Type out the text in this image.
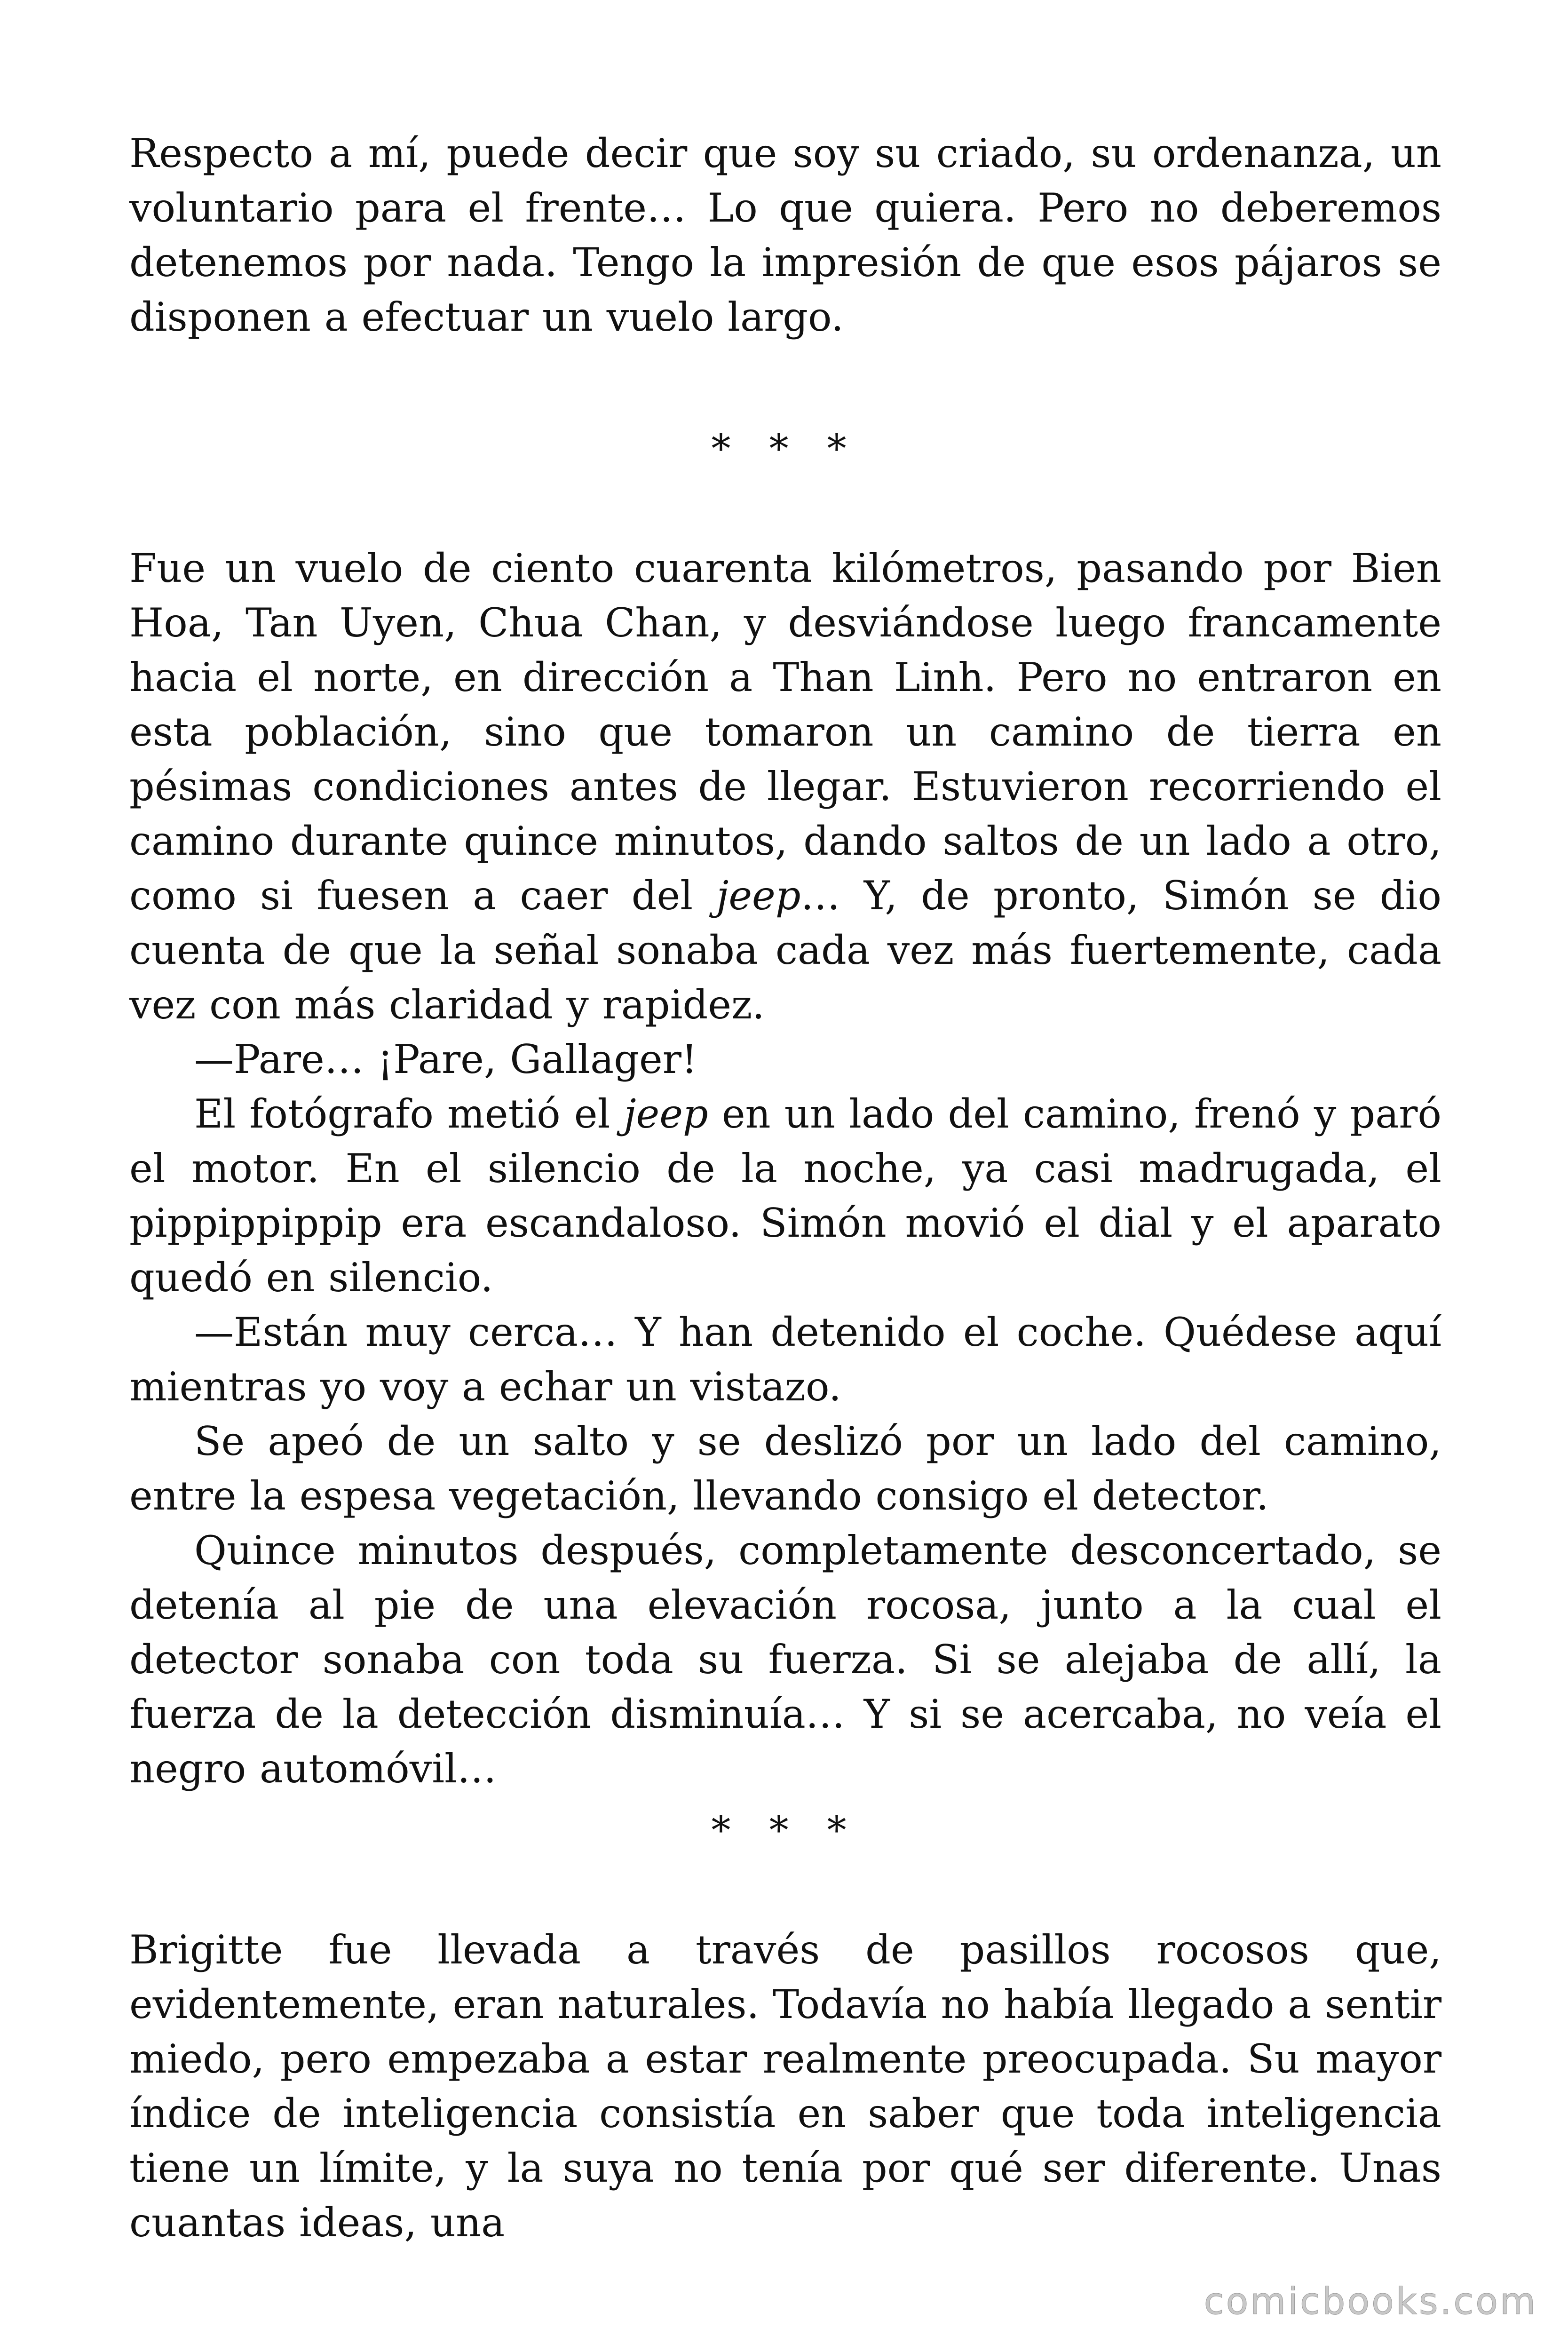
Respecto a mí, puede decir que soy su criado, su ordenanza, un voluntario para el frente… Lo que quiera. Pero no deberemos detenemos por nada. Tengo la impresión de que esos pájaros se disponen a efectuar un vuelo largo.

* * *

Fue un vuelo de ciento cuarenta kilómetros, pasando por Bien Hoa, Tan Uyen, Chua Chan, y desviándose luego francamente hacia el norte, en dirección a Than Linh. Pero no entraron en esta población, sino que tomaron un camino de tierra en pésimas condiciones antes de llegar. Estuvieron recorriendo el camino durante quince minutos, dando saltos de un lado a otro, como si fuesen a caer del jeep… Y, de pronto, Simón se dio cuenta de que la señal sonaba cada vez más fuertemente, cada vez con más claridad y rapidez.

—Pare… ¡Pare, Gallager!

El fotógrafo metió el jeep en un lado del camino, frenó y paró el motor. En el silencio de la noche, ya casi madrugada, el pippippippip era escandaloso. Simón movió el dial y el aparato quedó en silencio.

—Están muy cerca… Y han detenido el coche. Quédese aquí mientras yo voy a echar un vistazo.

Se apeó de un salto y se deslizó por un lado del camino, entre la espesa vegetación, llevando consigo el detector.

Quince minutos después, completamente desconcertado, se detenía al pie de una elevación rocosa, junto a la cual el detector sonaba con toda su fuerza. Si se alejaba de allí, la fuerza de la detección disminuía… Y si se acercaba, no veía el negro automóvil…

* * *

Brigitte fue llevada a través de pasillos rocosos que, evidentemente, eran naturales. Todavía no había llegado a sentir miedo, pero empezaba a estar realmente preocupada. Su mayor índice de inteligencia consistía en saber que toda inteligencia tiene un límite, y la suya no tenía por qué ser diferente. Unas cuantas ideas, una

comicbooks.com
